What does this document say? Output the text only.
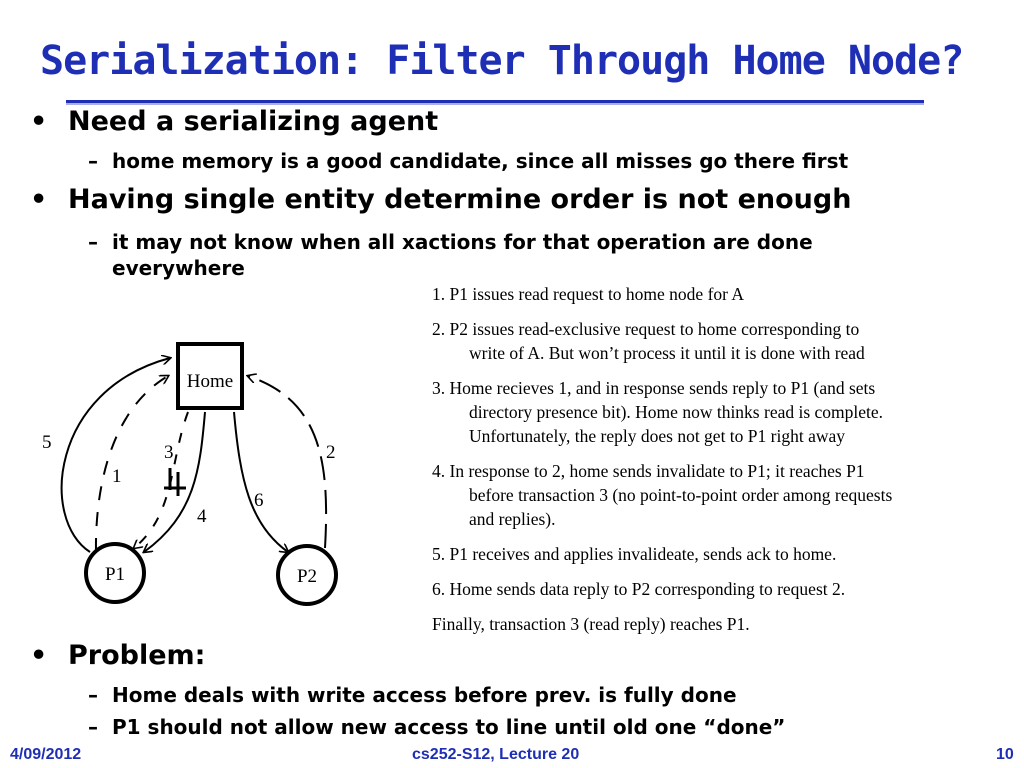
Serialization: Filter Through Home Node?
• Need a serializing agent
– home memory is a good candidate, since all misses go there first
• Having single entity determine order is not enough
– it may not know when all xactions for that operation are done
everywhere
1. P1 issues read request to home node for A
2. P2 issues read-exclusive request to home corresponding to
write of A. But won’t process it until it is done with read
3. Home recieves 1, and in response sends reply to P1 (and sets
directory presence bit). Home now thinks read is complete.
Unfortunately, the reply does not get to P1 right away
4. In response to 2, home sends invalidate to P1; it reaches P1
before transaction 3 (no point-to-point order among requests
and replies).
5. P1 receives and applies invalideate, sends ack to home.
6. Home sends data reply to P2 corresponding to request 2.
Finally, transaction 3 (read reply) reaches P1.
Home
P1	P2
5
1
3
4
6
2
• Problem:
– Home deals with write access before prev. is fully done
– P1 should not allow new access to line until old one “done”
4/09/2012	cs252-S12, Lecture 20	10
